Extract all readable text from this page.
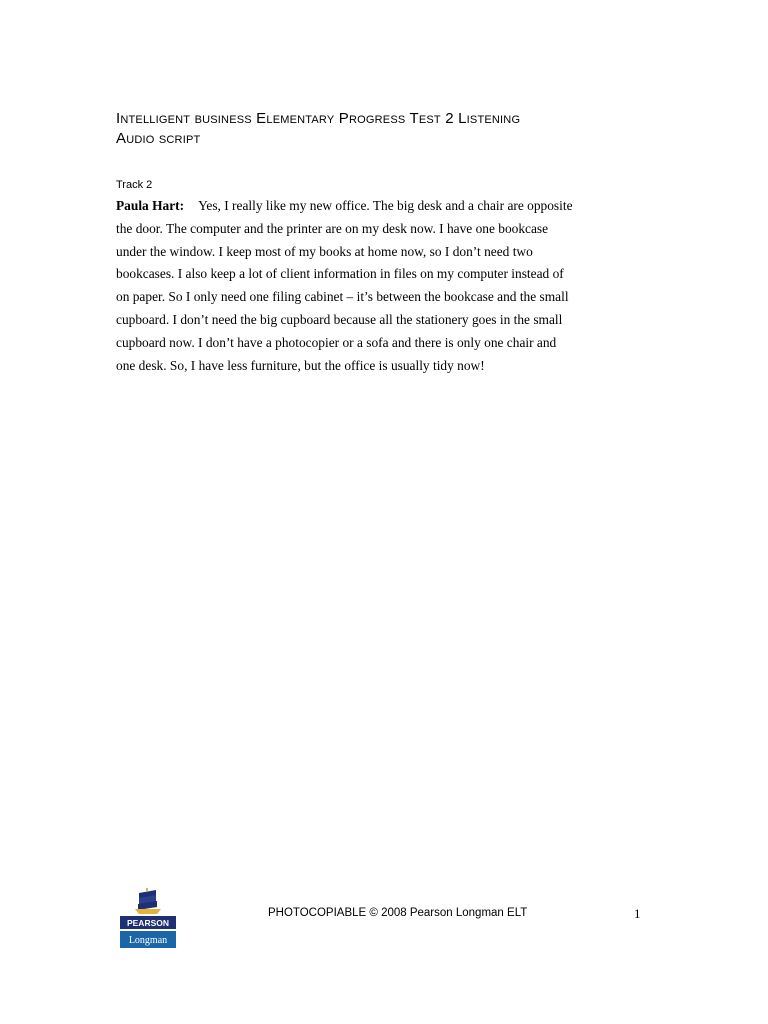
Intelligent business Elementary Progress Test 2 Listening
Audio script
Track 2
Paula Hart: Yes, I really like my new office. The big desk and a chair are opposite
the door. The computer and the printer are on my desk now. I have one bookcase
under the window. I keep most of my books at home now, so I don’t need two
bookcases. I also keep a lot of client information in files on my computer instead of
on paper. So I only need one filing cabinet – it’s between the bookcase and the small
cupboard. I don’t need the big cupboard because all the stationery goes in the small
cupboard now. I don’t have a photocopier or a sofa and there is only one chair and
one desk. So, I have less furniture, but the office is usually tidy now!
PEARSON
Longman
PHOTOCOPIABLE © 2008 Pearson Longman ELT	1
